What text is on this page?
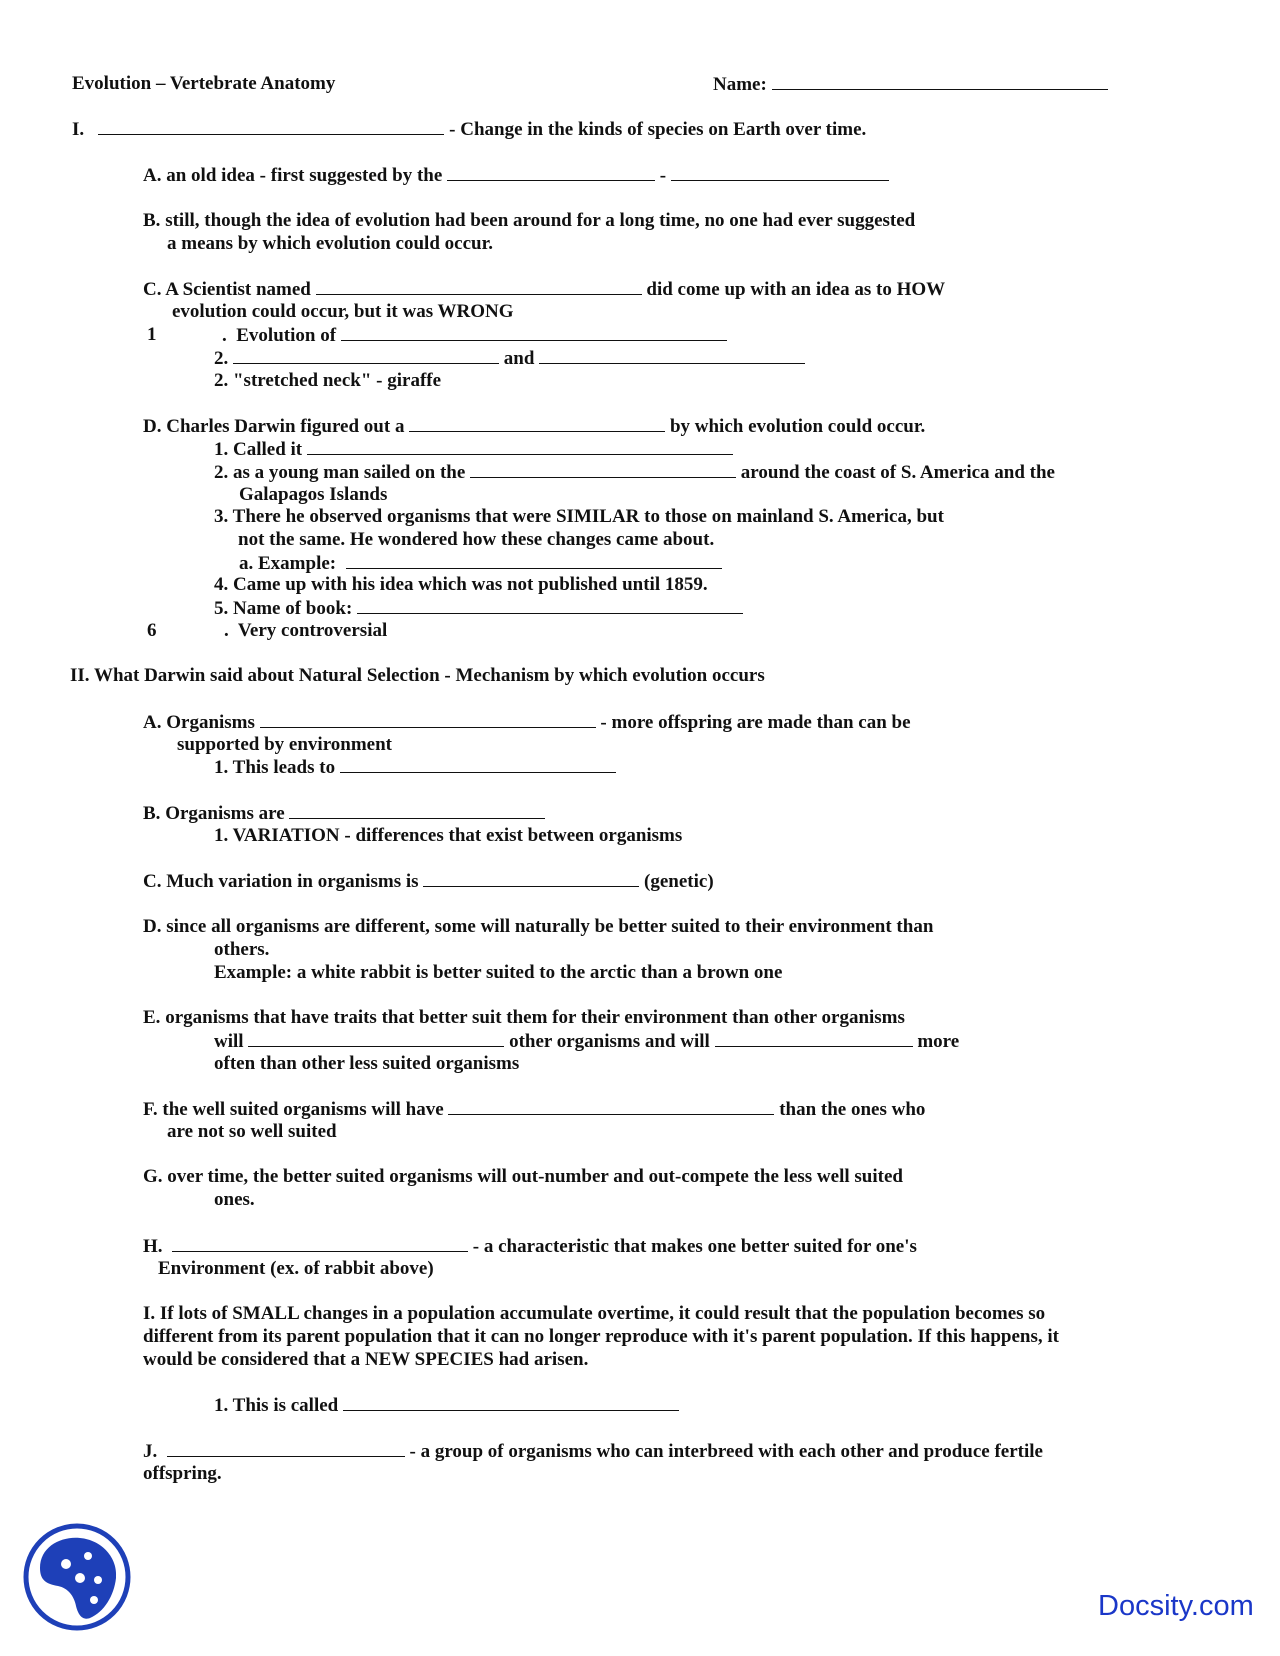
Evolution – Vertebrate Anatomy	Name:
I.	- Change in the kinds of species on Earth over time.
A. an old idea - first suggested by the	-
B. still, though the idea of evolution had been around for a long time, no one had ever suggested
a means by which evolution could occur.
C. A Scientist named	did come up with an idea as to HOW
evolution could occur, but it was WRONG
1	. Evolution of
2.	and
2. "stretched neck" - giraffe
D. Charles Darwin figured out a	by which evolution could occur.
1. Called it
2. as a young man sailed on the	around the coast of S. America and the
Galapagos Islands
3. There he observed organisms that were SIMILAR to those on mainland S. America, but
not the same. He wondered how these changes came about.
a. Example:
4. Came up with his idea which was not published until 1859.
5. Name of book:
6	. Very controversial
II. What Darwin said about Natural Selection - Mechanism by which evolution occurs
A. Organisms	- more offspring are made than can be
supported by environment
1. This leads to
B. Organisms are
1. VARIATION - differences that exist between organisms
C. Much variation in organisms is	(genetic)
D. since all organisms are different, some will naturally be better suited to their environment than
others.
Example: a white rabbit is better suited to the arctic than a brown one
E. organisms that have traits that better suit them for their environment than other organisms
will	other organisms and will	more
often than other less suited organisms
F. the well suited organisms will have	than the ones who
are not so well suited
G. over time, the better suited organisms will out-number and out-compete the less well suited
ones.
H.	- a characteristic that makes one better suited for one's
Environment (ex. of rabbit above)
I. If lots of SMALL changes in a population accumulate overtime, it could result that the population becomes so
different from its parent population that it can no longer reproduce with it's parent population. If this happens, it
would be considered that a NEW SPECIES had arisen.
1. This is called
J.	- a group of organisms who can interbreed with each other and produce fertile
offspring.
Docsity.com
